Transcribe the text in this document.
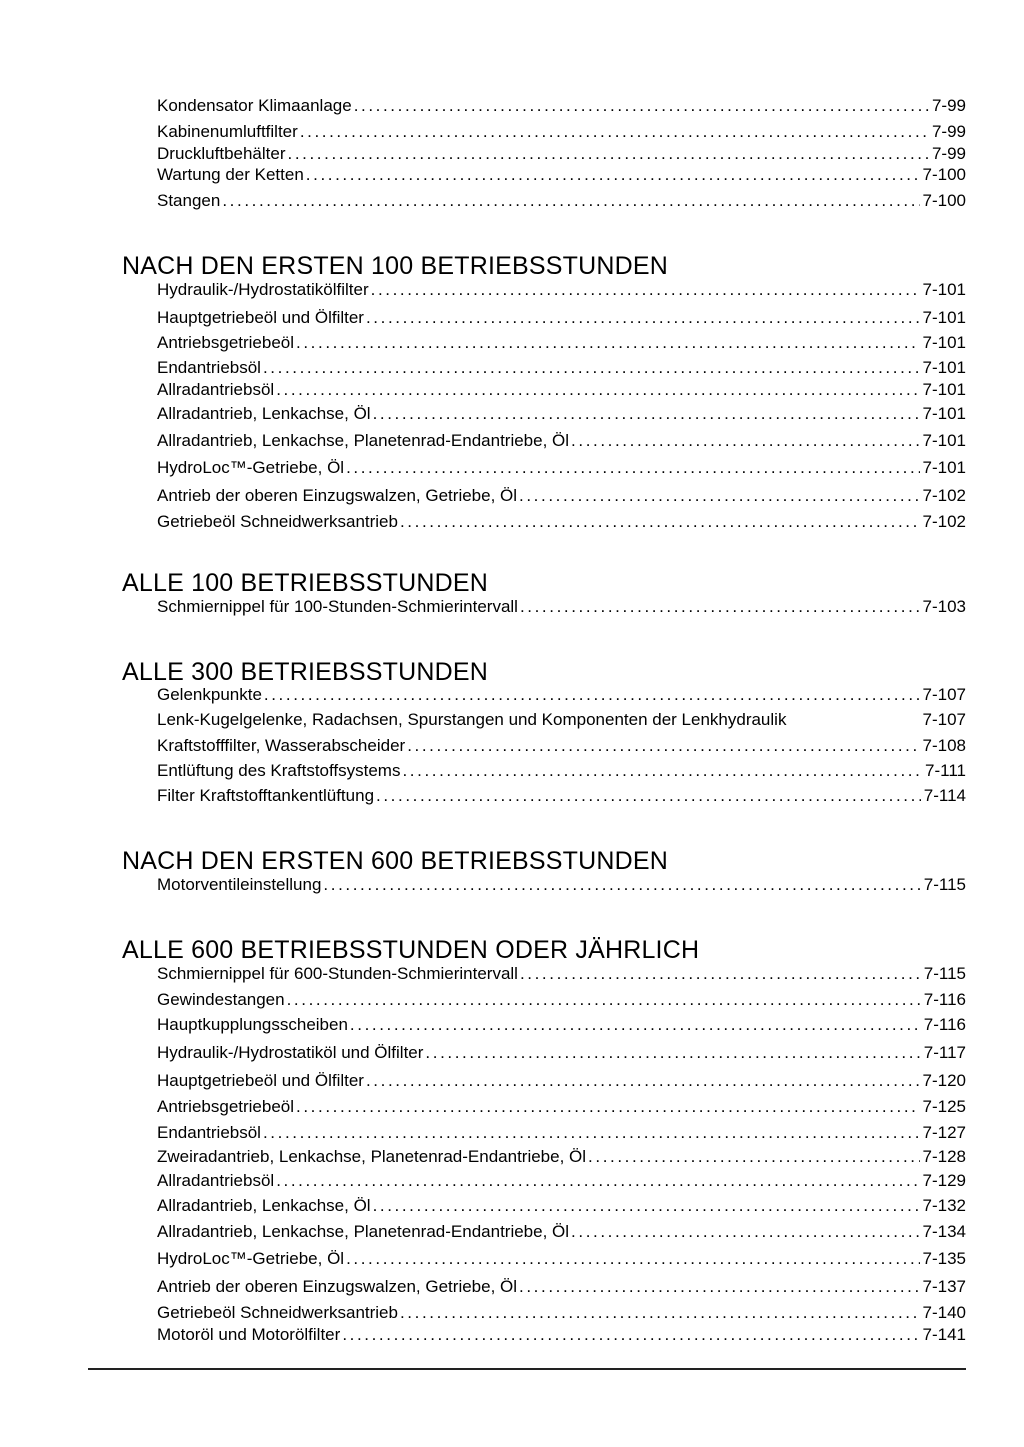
Kondensator Klimaanlage .....	7-99
Kabinenumluftfilter .....	7-99
Druckluftbehälter .....	7-99
Wartung der Ketten .....	7-100
Stangen .....	7-100
NACH DEN ERSTEN 100 BETRIEBSSTUNDEN
Hydraulik-/Hydrostatikölfilter .....	7-101
Hauptgetriebeöl und Ölfilter .....	7-101
Antriebsgetriebeöl .....	7-101
Endantriebsöl .....	7-101
Allradantriebsöl .....	7-101
Allradantrieb, Lenkachse, Öl .....	7-101
Allradantrieb, Lenkachse, Planetenrad-Endantriebe, Öl .....	7-101
HydroLoc™-Getriebe, Öl .....	7-101
Antrieb der oberen Einzugswalzen, Getriebe, Öl .....	7-102
Getriebeöl Schneidwerksantrieb .....	7-102
ALLE 100 BETRIEBSSTUNDEN
Schmiernippel für 100-Stunden-Schmierintervall .....	7-103
ALLE 300 BETRIEBSSTUNDEN
Gelenkpunkte .....	7-107
Lenk-Kugelgelenke, Radachsen, Spurstangen und Komponenten der Lenkhydraulik	7-107
Kraftstofffilter, Wasserabscheider .....	7-108
Entlüftung des Kraftstoffsystems .....	7-111
Filter Kraftstofftankentlüftung .....	7-114
NACH DEN ERSTEN 600 BETRIEBSSTUNDEN
Motorventileinstellung .....	7-115
ALLE 600 BETRIEBSSTUNDEN ODER JÄHRLICH
Schmiernippel für 600-Stunden-Schmierintervall .....	7-115
Gewindestangen .....	7-116
Hauptkupplungsscheiben .....	7-116
Hydraulik-/Hydrostatiköl und Ölfilter .....	7-117
Hauptgetriebeöl und Ölfilter .....	7-120
Antriebsgetriebeöl .....	7-125
Endantriebsöl .....	7-127
Zweiradantrieb, Lenkachse, Planetenrad-Endantriebe, Öl .....	7-128
Allradantriebsöl .....	7-129
Allradantrieb, Lenkachse, Öl .....	7-132
Allradantrieb, Lenkachse, Planetenrad-Endantriebe, Öl .....	7-134
HydroLoc™-Getriebe, Öl .....	7-135
Antrieb der oberen Einzugswalzen, Getriebe, Öl .....	7-137
Getriebeöl Schneidwerksantrieb .....	7-140
Motoröl und Motorölfilter .....	7-141
